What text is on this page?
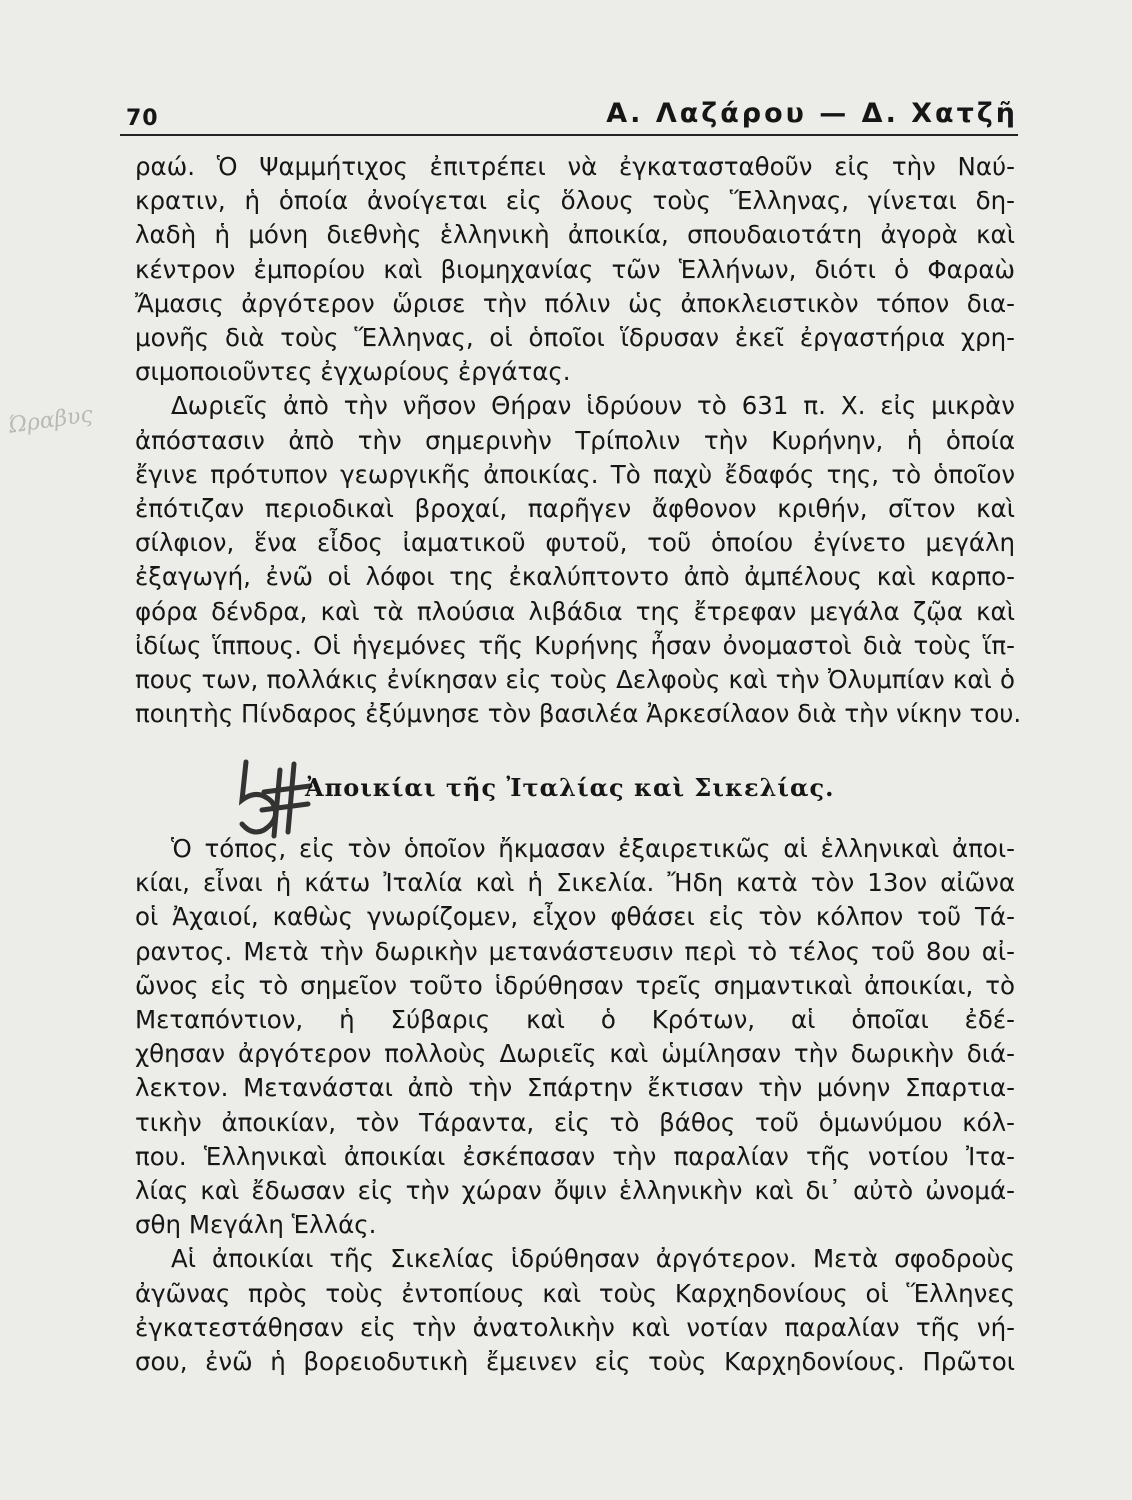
70	Α. Λαζάρου — Δ. Χατζῆ
Ώραβυς
ραώ. Ὁ Ψαμμήτιχος ἐπιτρέπει νὰ ἐγκατασταθοῦν εἰς τὴν Ναύ-
κρατιν, ἡ ὁποία ἀνοίγεται εἰς ὅλους τοὺς Ἕλληνας, γίνεται δη-
λαδὴ ἡ μόνη διεθνὴς ἑλληνικὴ ἀποικία, σπουδαιοτάτη ἀγορὰ καὶ
κέντρον ἐμπορίου καὶ βιομηχανίας τῶν Ἑλλήνων, διότι ὁ Φαραὼ
Ἄμασις ἀργότερον ὥρισε τὴν πόλιν ὡς ἀποκλειστικὸν τόπον δια-
μονῆς διὰ τοὺς Ἕλληνας, οἱ ὁποῖοι ἵδρυσαν ἐκεῖ ἐργαστήρια χρη-
σιμοποιοῦντες ἐγχωρίους ἐργάτας.
Δωριεῖς ἀπὸ τὴν νῆσον Θήραν ἱδρύουν τὸ 631 π. Χ. εἰς μικρὰν
ἀπόστασιν ἀπὸ τὴν σημερινὴν Τρίπολιν τὴν Κυρήνην, ἡ ὁποία
ἔγινε πρότυπον γεωργικῆς ἀποικίας. Τὸ παχὺ ἔδαφός της, τὸ ὁποῖον
ἐπότιζαν περιοδικαὶ βροχαί, παρῆγεν ἄφθονον κριθήν, σῖτον καὶ
σίλφιον, ἕνα εἶδος ἰαματικοῦ φυτοῦ, τοῦ ὁποίου ἐγίνετο μεγάλη
ἐξαγωγή, ἐνῶ οἱ λόφοι της ἐκαλύπτοντο ἀπὸ ἀμπέλους καὶ καρπο-
φόρα δένδρα, καὶ τὰ πλούσια λιβάδια της ἔτρεφαν μεγάλα ζῷα καὶ
ἰδίως ἵππους. Οἱ ἡγεμόνες τῆς Κυρήνης ἦσαν ὀνομαστοὶ διὰ τοὺς ἵπ-
πους των, πολλάκις ἐνίκησαν εἰς τοὺς Δελφοὺς καὶ τὴν Ὀλυμπίαν καὶ ὁ
ποιητὴς Πίνδαρος ἐξύμνησε τὸν βασιλέα Ἀρκεσίλαον διὰ τὴν νίκην του.
Ἀποικίαι τῆς Ἰταλίας καὶ Σικελίας.
Ὁ τόπος, εἰς τὸν ὁποῖον ἤκμασαν ἐξαιρετικῶς αἱ ἑλληνικαὶ ἀποι-
κίαι, εἶναι ἡ κάτω Ἰταλία καὶ ἡ Σικελία. Ἤδη κατὰ τὸν 13ον αἰῶνα
οἱ Ἀχαιοί, καθὼς γνωρίζομεν, εἶχον φθάσει εἰς τὸν κόλπον τοῦ Τά-
ραντος. Μετὰ τὴν δωρικὴν μετανάστευσιν περὶ τὸ τέλος τοῦ 8ου αἰ-
ῶνος εἰς τὸ σημεῖον τοῦτο ἱδρύθησαν τρεῖς σημαντικαὶ ἀποικίαι, τὸ
Μεταπόντιον, ἡ Σύβαρις καὶ ὁ Κρότων, αἱ ὁποῖαι ἐδέ-
χθησαν ἀργότερον πολλοὺς Δωριεῖς καὶ ὡμίλησαν τὴν δωρικὴν διά-
λεκτον. Μετανάσται ἀπὸ τὴν Σπάρτην ἔκτισαν τὴν μόνην Σπαρτια-
τικὴν ἀποικίαν, τὸν Τάραντα, εἰς τὸ βάθος τοῦ ὁμωνύμου κόλ-
που. Ἑλληνικαὶ ἀποικίαι ἐσκέπασαν τὴν παραλίαν τῆς νοτίου Ἰτα-
λίας καὶ ἔδωσαν εἰς τὴν χώραν ὄψιν ἑλληνικὴν καὶ δι᾽ αὐτὸ ὠνομά-
σθη Μεγάλη Ἑλλάς.
Αἱ ἀποικίαι τῆς Σικελίας ἱδρύθησαν ἀργότερον. Μετὰ σφοδροὺς
ἀγῶνας πρὸς τοὺς ἐντοπίους καὶ τοὺς Καρχηδονίους οἱ Ἕλληνες
ἐγκατεστάθησαν εἰς τὴν ἀνατολικὴν καὶ νοτίαν παραλίαν τῆς νή-
σου, ἐνῶ ἡ βορειοδυτικὴ ἔμεινεν εἰς τοὺς Καρχηδονίους. Πρῶτοι
